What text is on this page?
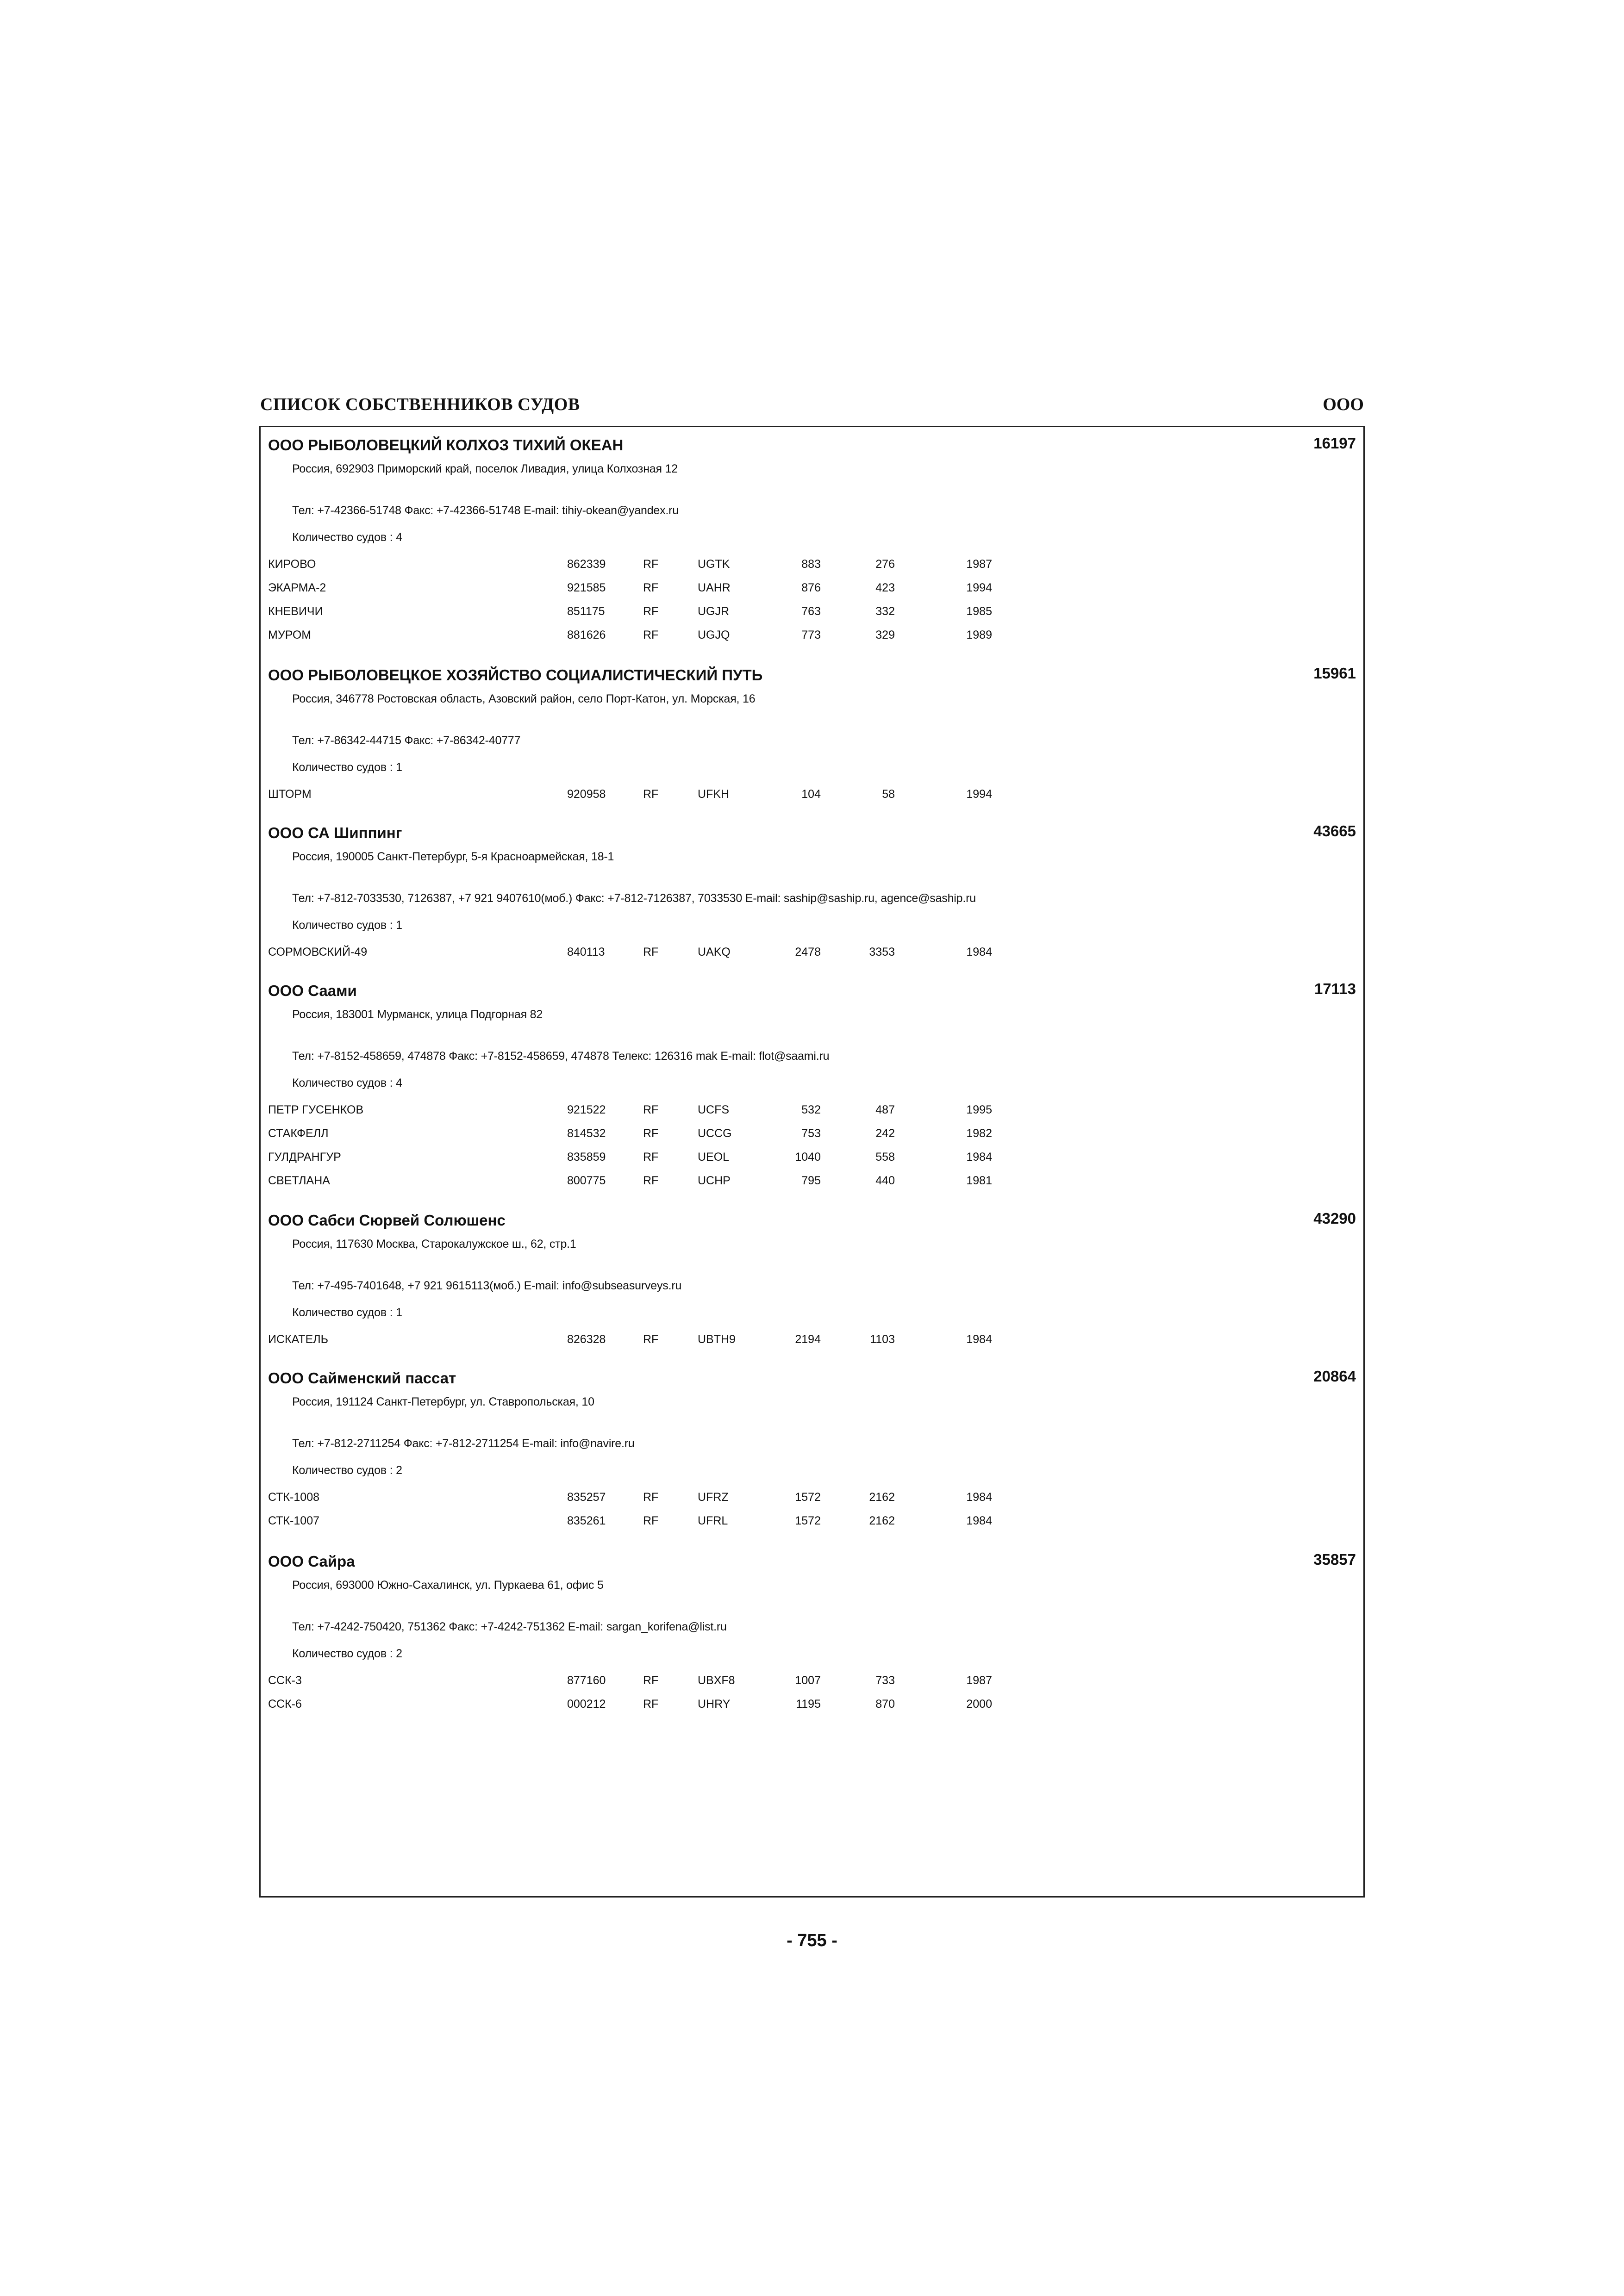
СПИСОК СОБСТВЕННИКОВ СУДОВ	ООО
ООО РЫБОЛОВЕЦКИЙ КОЛХОЗ ТИХИЙ ОКЕАН	16197
Россия, 692903 Приморский край, поселок Ливадия, улица Колхозная 12
Тел: +7-42366-51748 Факс: +7-42366-51748 E-mail: tihiy-okean@yandex.ru
Количество судов : 4
КИРОВО	862339	RF	UGTK	883	276	1987
ЭКАРМА-2	921585	RF	UAHR	876	423	1994
КНЕВИЧИ	851175	RF	UGJR	763	332	1985
МУРОМ	881626	RF	UGJQ	773	329	1989
ООО РЫБОЛОВЕЦКОЕ ХОЗЯЙСТВО СОЦИАЛИСТИЧЕСКИЙ ПУТЬ	15961
Россия, 346778 Ростовская область, Азовский район, село Порт-Катон, ул. Морская, 16
Тел: +7-86342-44715 Факс: +7-86342-40777
Количество судов : 1
ШТОРМ	920958	RF	UFKH	104	58	1994
ООО СА Шиппинг	43665
Россия, 190005 Санкт-Петербург, 5-я Красноармейская, 18-1
Тел: +7-812-7033530, 7126387, +7 921 9407610(моб.) Факс: +7-812-7126387, 7033530 E-mail: saship@saship.ru, agence@saship.ru
Количество судов : 1
СОРМОВСКИЙ-49	840113	RF	UAKQ	2478	3353	1984
ООО Саами	17113
Россия, 183001 Мурманск, улица Подгорная 82
Тел: +7-8152-458659, 474878 Факс: +7-8152-458659, 474878 Телекс: 126316 mak E-mail: flot@saami.ru
Количество судов : 4
ПЕТР ГУСЕНКОВ	921522	RF	UCFS	532	487	1995
СТАКФЕЛЛ	814532	RF	UCCG	753	242	1982
ГУЛДРАНГУР	835859	RF	UEOL	1040	558	1984
СВЕТЛАНА	800775	RF	UCHP	795	440	1981
ООО Сабси Сюрвей Солюшенс	43290
Россия, 117630 Москва, Старокалужское ш., 62, стр.1
Тел: +7-495-7401648, +7 921 9615113(моб.) E-mail: info@subseasurveys.ru
Количество судов : 1
ИСКАТЕЛЬ	826328	RF	UBTH9	2194	1103	1984
ООО Сайменский пассат	20864
Россия, 191124 Санкт-Петербург, ул. Ставропольская, 10
Тел: +7-812-2711254 Факс: +7-812-2711254 E-mail: info@navire.ru
Количество судов : 2
СТК-1008	835257	RF	UFRZ	1572	2162	1984
СТК-1007	835261	RF	UFRL	1572	2162	1984
ООО Сайра	35857
Россия, 693000 Южно-Сахалинск, ул. Пуркаева 61, офис 5
Тел: +7-4242-750420, 751362 Факс: +7-4242-751362 E-mail: sargan_korifena@list.ru
Количество судов : 2
ССК-3	877160	RF	UBXF8	1007	733	1987
ССК-6	000212	RF	UHRY	1195	870	2000
- 755 -
